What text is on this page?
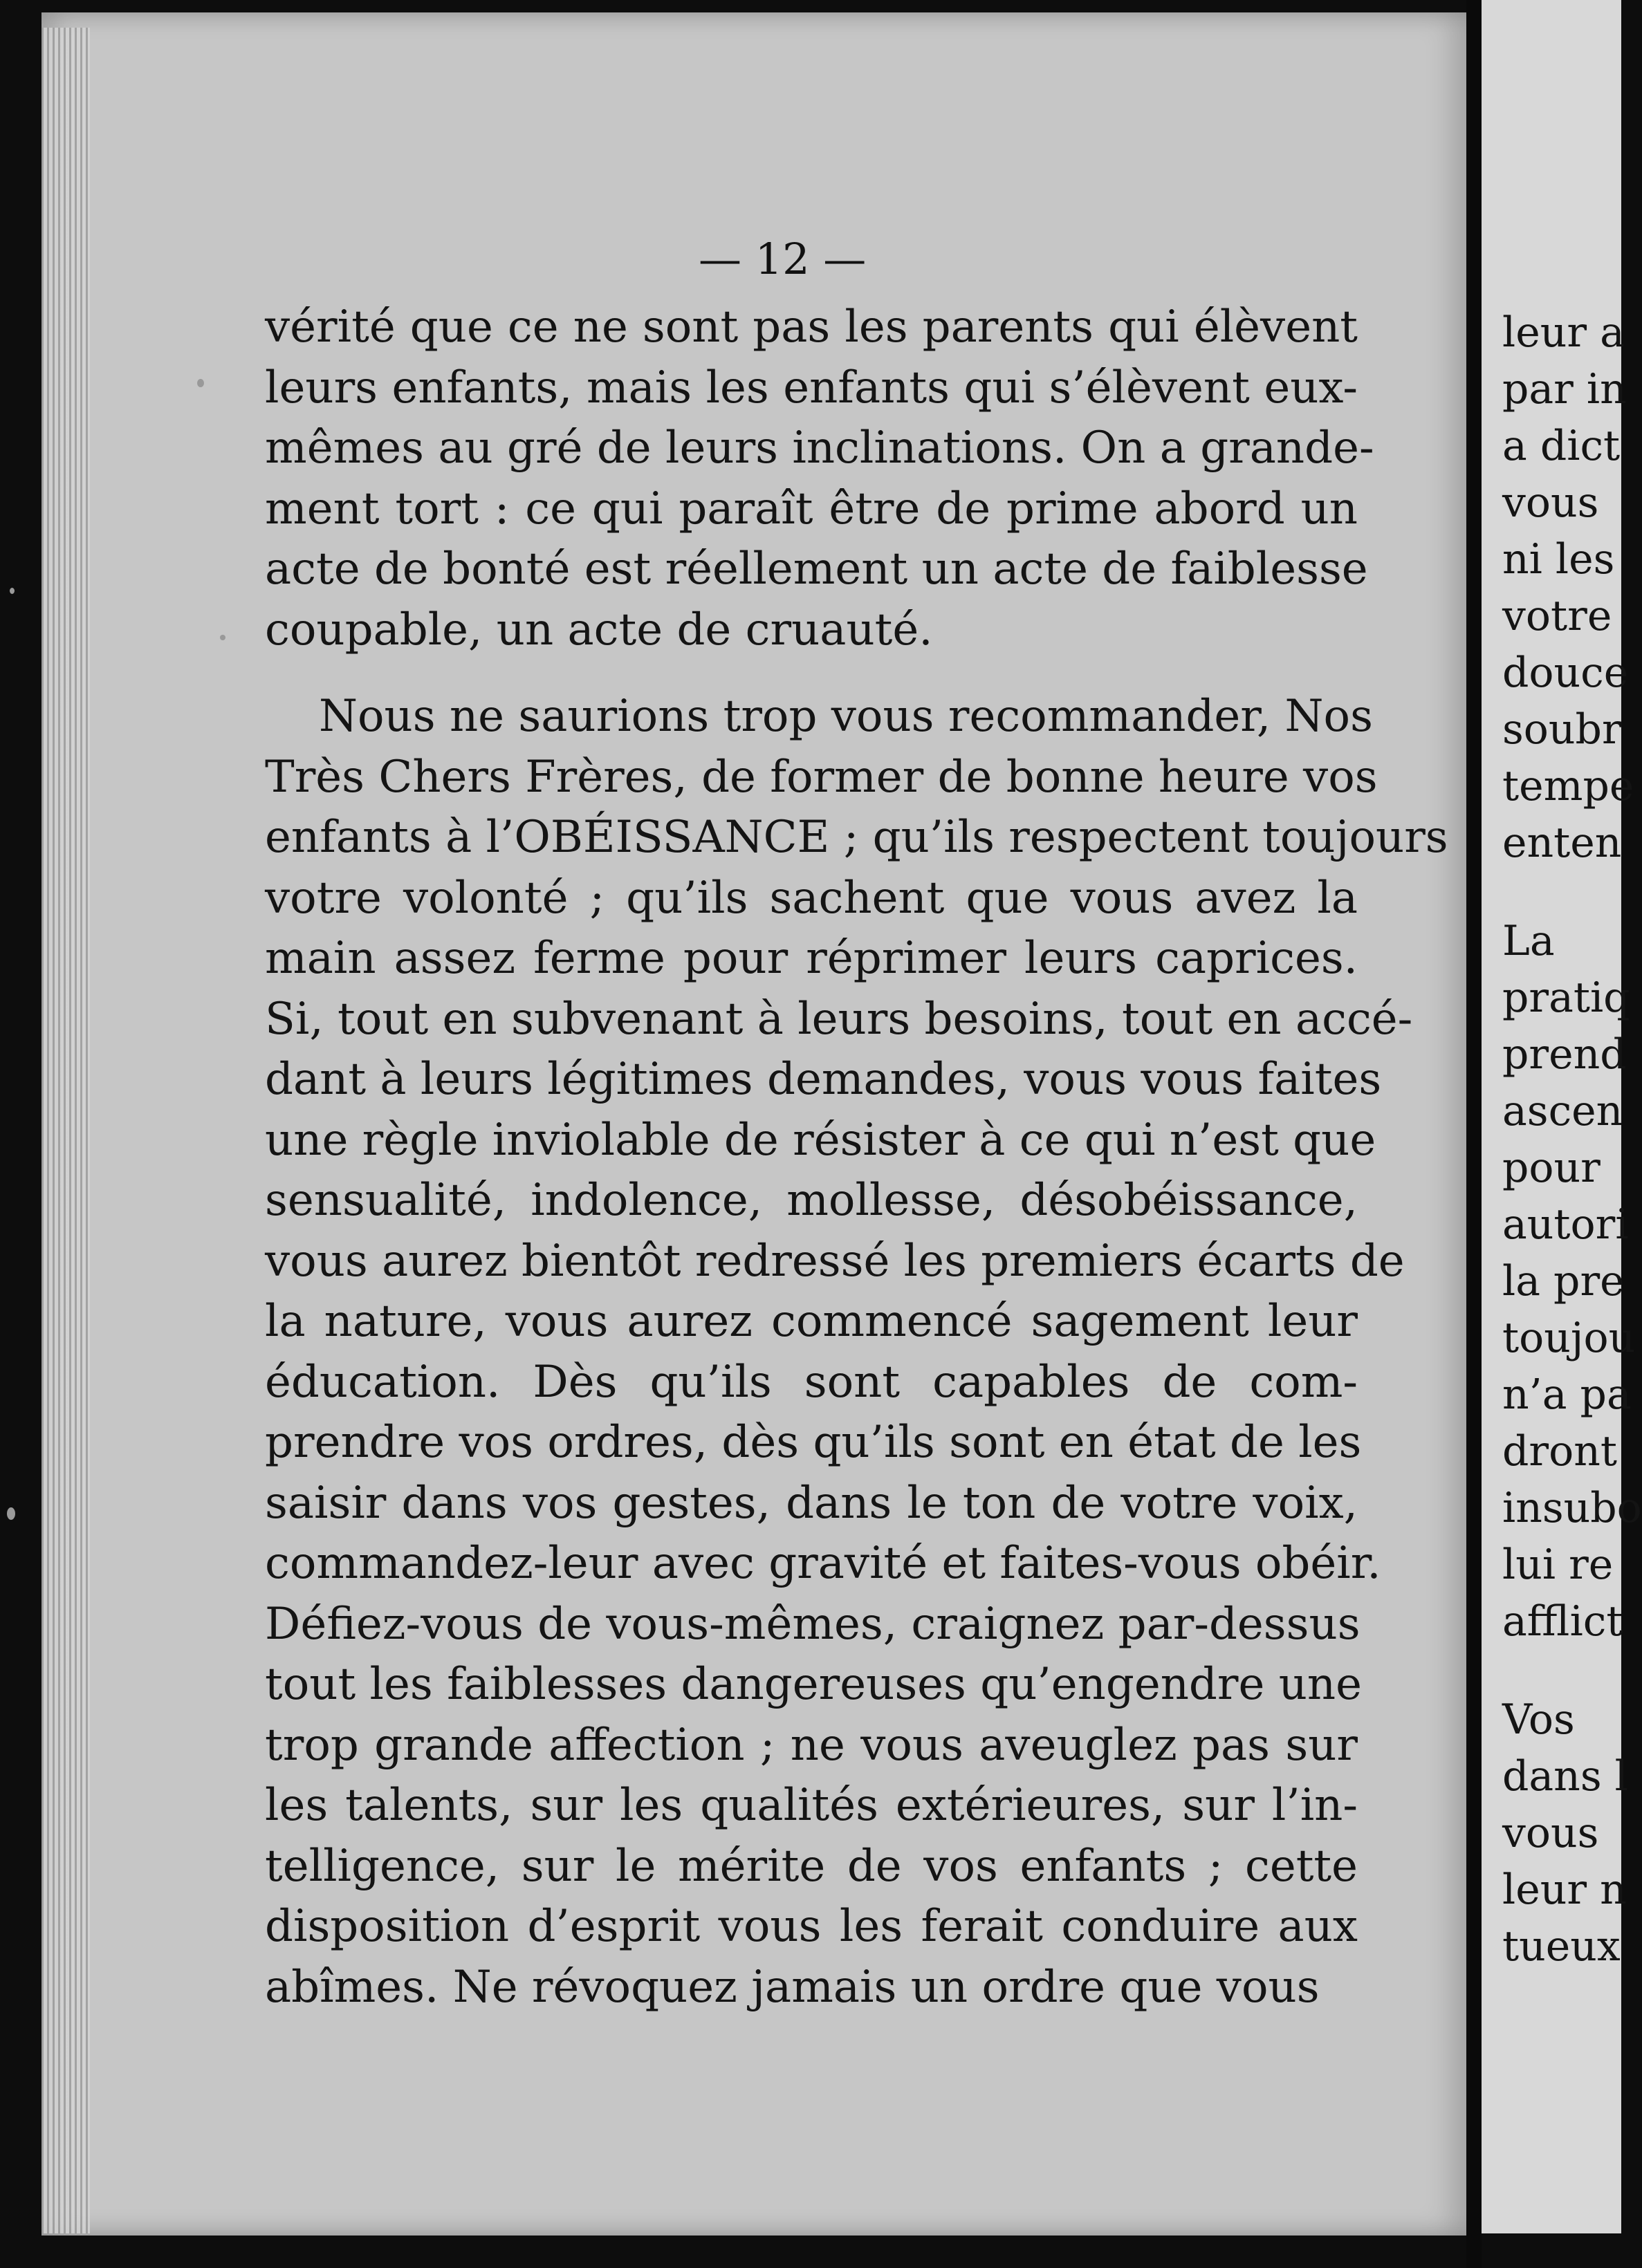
— 12 —

vérité que ce ne sont pas les parents qui élèvent
leurs enfants, mais les enfants qui s’élèvent eux-
mêmes au gré de leurs inclinations. On a grande-
ment tort : ce qui paraît être de prime abord un
acte de bonté est réellement un acte de faiblesse
coupable, un acte de cruauté.

Nous ne saurions trop vous recommander, Nos
Très Chers Frères, de former de bonne heure vos
enfants à l’OBÉISSANCE ; qu’ils respectent toujours
votre volonté ; qu’ils sachent que vous avez la
main assez ferme pour réprimer leurs caprices.
Si, tout en subvenant à leurs besoins, tout en accé-
dant à leurs légitimes demandes, vous vous faites
une règle inviolable de résister à ce qui n’est que
sensualité, indolence, mollesse, désobéissance,
vous aurez bientôt redressé les premiers écarts de
la nature, vous aurez commencé sagement leur
éducation. Dès qu’ils sont capables de com-
prendre vos ordres, dès qu’ils sont en état de les
saisir dans vos gestes, dans le ton de votre voix,
commandez-leur avec gravité et faites-vous obéir.
Défiez-vous de vous-mêmes, craignez par-dessus
tout les faiblesses dangereuses qu’engendre une
trop grande affection ; ne vous aveuglez pas sur
les talents, sur les qualités extérieures, sur l’in-
telligence, sur le mérite de vos enfants ; cette
disposition d’esprit vous les ferait conduire aux
abîmes. Ne révoquez jamais un ordre que vous

leur a
par in
a dict
vous
ni les
votre
douce
soubr
tempe
enten
La
pratiq
prend
ascen
pour
autori
la pre
toujou
n’a pa
dront
insubo
lui re
afflict
Vos
dans l
vous
leur n
tueux
